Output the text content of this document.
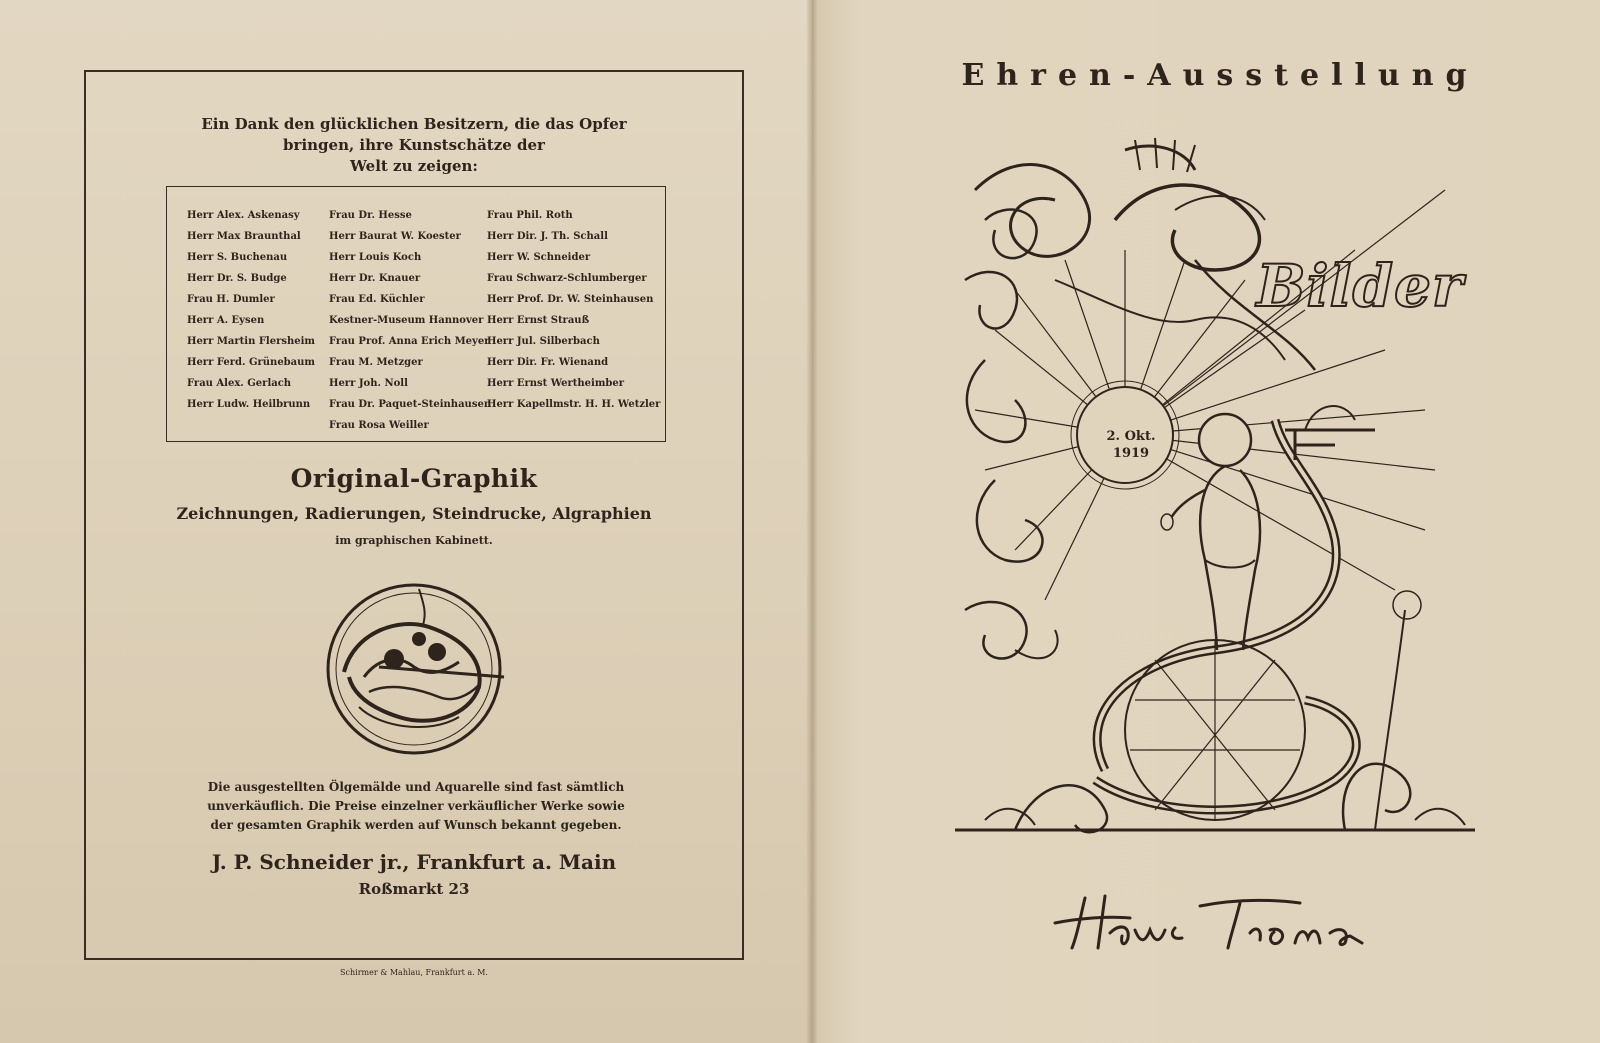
Ein Dank den glücklichen Besitzern, die das Opfer
bringen, ihre Kunstschätze der
Welt zu zeigen:
Herr Alex. Askenasy
Herr Max Braunthal
Herr S. Buchenau
Herr Dr. S. Budge
Frau H. Dumler
Herr A. Eysen
Herr Martin Flersheim
Herr Ferd. Grünebaum
Frau Alex. Gerlach
Herr Ludw. Heilbrunn
Frau Dr. Hesse
Herr Baurat W. Koester
Herr Louis Koch
Herr Dr. Knauer
Frau Ed. Küchler
Kestner-Museum Hannover
Frau Prof. Anna Erich Meyer
Frau M. Metzger
Herr Joh. Noll
Frau Dr. Paquet-Steinhausen
Frau Rosa Weiller
Frau Phil. Roth
Herr Dir. J. Th. Schall
Herr W. Schneider
Frau Schwarz-Schlumberger
Herr Prof. Dr. W. Steinhausen
Herr Ernst Strauß
Herr Jul. Silberbach
Herr Dir. Fr. Wienand
Herr Ernst Wertheimber
Herr Kapellmstr. H. H. Wetzler
Original-Graphik
Zeichnungen, Radierungen, Steindrucke, Algraphien
im graphischen Kabinett.
Die ausgestellten Ölgemälde und Aquarelle sind fast sämtlich
unverkäuflich. Die Preise einzelner verkäuflicher Werke sowie
der gesamten Graphik werden auf Wunsch bekannt gegeben.
J. P. Schneider jr., Frankfurt a. Main
Roßmarkt 23
Schirmer & Mahlau, Frankfurt a. M.
Ehren-Ausstellung
Bilder
2. Okt.
1919
